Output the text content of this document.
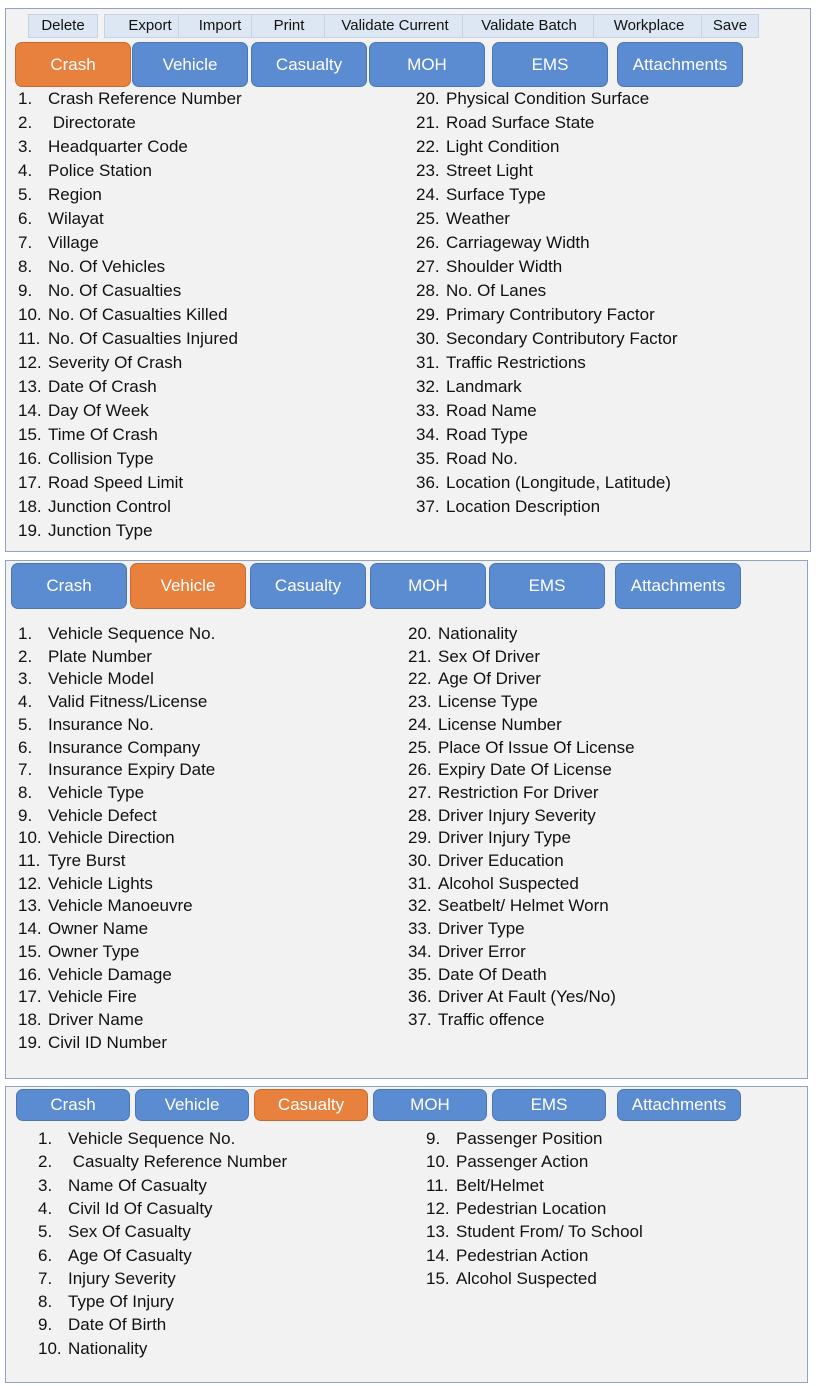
Delete	Export	Import	Print	Validate Current	Validate Batch	Workplace	Save
Crash	Vehicle	Casualty	MOH	EMS	Attachments
1. Crash Reference Number
2. Directorate
3. Headquarter Code
4. Police Station
5. Region
6. Wilayat
7. Village
8. No. Of Vehicles
9. No. Of Casualties
10. No. Of Casualties Killed
11. No. Of Casualties Injured
12. Severity Of Crash
13. Date Of Crash
14. Day Of Week
15. Time Of Crash
16. Collision Type
17. Road Speed Limit
18. Junction Control
19. Junction Type
20. Physical Condition Surface
21. Road Surface State
22. Light Condition
23. Street Light
24. Surface Type
25. Weather
26. Carriageway Width
27. Shoulder Width
28. No. Of Lanes
29. Primary Contributory Factor
30. Secondary Contributory Factor
31. Traffic Restrictions
32. Landmark
33. Road Name
34. Road Type
35. Road No.
36. Location (Longitude, Latitude)
37. Location Description
Crash	Vehicle	Casualty	MOH	EMS	Attachments
1. Vehicle Sequence No.
2. Plate Number
3. Vehicle Model
4. Valid Fitness/License
5. Insurance No.
6. Insurance Company
7. Insurance Expiry Date
8. Vehicle Type
9. Vehicle Defect
10. Vehicle Direction
11. Tyre Burst
12. Vehicle Lights
13. Vehicle Manoeuvre
14. Owner Name
15. Owner Type
16. Vehicle Damage
17. Vehicle Fire
18. Driver Name
19. Civil ID Number
20. Nationality
21. Sex Of Driver
22. Age Of Driver
23. License Type
24. License Number
25. Place Of Issue Of License
26. Expiry Date Of License
27. Restriction For Driver
28. Driver Injury Severity
29. Driver Injury Type
30. Driver Education
31. Alcohol Suspected
32. Seatbelt/ Helmet Worn
33. Driver Type
34. Driver Error
35. Date Of Death
36. Driver At Fault (Yes/No)
37. Traffic offence
Crash	Vehicle	Casualty	MOH	EMS	Attachments
1. Vehicle Sequence No.
2. Casualty Reference Number
3. Name Of Casualty
4. Civil Id Of Casualty
5. Sex Of Casualty
6. Age Of Casualty
7. Injury Severity
8. Type Of Injury
9. Date Of Birth
10. Nationality
9. Passenger Position
10. Passenger Action
11. Belt/Helmet
12. Pedestrian Location
13. Student From/ To School
14. Pedestrian Action
15. Alcohol Suspected
